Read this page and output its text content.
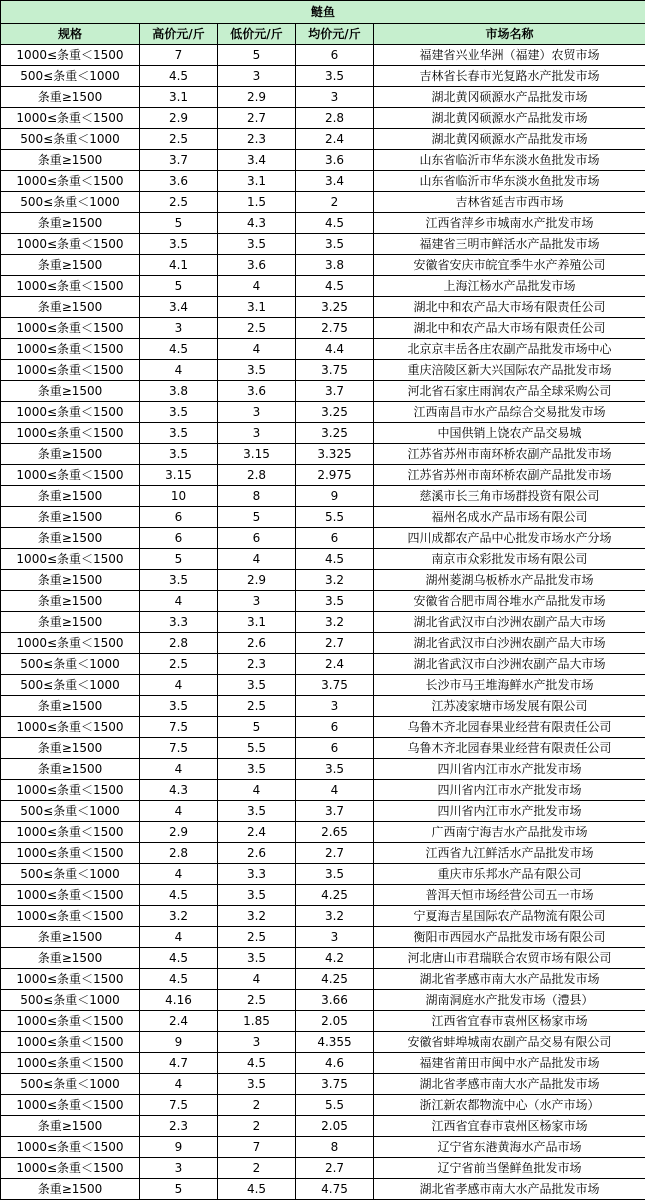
鲢鱼				
规格	高价元/斤	低价元/斤	均价元/斤	市场名称
1000≤条重＜1500	7	5	6	福建省兴业华洲（福建）农贸市场
500≤条重＜1000	4.5	3	3.5	吉林省长春市光复路水产批发市场
条重≥1500	3.1	2.9	3	湖北黄冈硕源水产品批发市场
1000≤条重＜1500	2.9	2.7	2.8	湖北黄冈硕源水产品批发市场
500≤条重＜1000	2.5	2.3	2.4	湖北黄冈硕源水产品批发市场
条重≥1500	3.7	3.4	3.6	山东省临沂市华东淡水鱼批发市场
1000≤条重＜1500	3.6	3.1	3.4	山东省临沂市华东淡水鱼批发市场
500≤条重＜1000	2.5	1.5	2	吉林省延吉市西市场
条重≥1500	5	4.3	4.5	江西省萍乡市城南水产批发市场
1000≤条重＜1500	3.5	3.5	3.5	福建省三明市鲜活水产品批发市场
条重≥1500	4.1	3.6	3.8	安徽省安庆市皖宜季牛水产养殖公司
1000≤条重＜1500	5	4	4.5	上海江杨水产品批发市场
条重≥1500	3.4	3.1	3.25	湖北中和农产品大市场有限责任公司
1000≤条重＜1500	3	2.5	2.75	湖北中和农产品大市场有限责任公司
1000≤条重＜1500	4.5	4	4.4	北京京丰岳各庄农副产品批发市场中心
1000≤条重＜1500	4	3.5	3.75	重庆涪陵区新大兴国际农产品批发市场
条重≥1500	3.8	3.6	3.7	河北省石家庄雨润农产品全球采购公司
1000≤条重＜1500	3.5	3	3.25	江西南昌市水产品综合交易批发市场
1000≤条重＜1500	3.5	3	3.25	中国供销上饶农产品交易城
条重≥1500	3.5	3.15	3.325	江苏省苏州市南环桥农副产品批发市场
1000≤条重＜1500	3.15	2.8	2.975	江苏省苏州市南环桥农副产品批发市场
条重≥1500	10	8	9	慈溪市长三角市场群投资有限公司
条重≥1500	6	5	5.5	福州名成水产品市场有限公司
条重≥1500	6	6	6	四川成都农产品中心批发市场水产分场
1000≤条重＜1500	5	4	4.5	南京市众彩批发市场有限公司
条重≥1500	3.5	2.9	3.2	湖州菱湖乌板桥水产品批发市场
条重≥1500	4	3	3.5	安徽省合肥市周谷堆水产品批发市场
条重≥1500	3.3	3.1	3.2	湖北省武汉市白沙洲农副产品大市场
1000≤条重＜1500	2.8	2.6	2.7	湖北省武汉市白沙洲农副产品大市场
500≤条重＜1000	2.5	2.3	2.4	湖北省武汉市白沙洲农副产品大市场
500≤条重＜1000	4	3.5	3.75	长沙市马王堆海鲜水产批发市场
条重≥1500	3.5	2.5	3	江苏凌家塘市场发展有限公司
1000≤条重＜1500	7.5	5	6	乌鲁木齐北园春果业经营有限责任公司
条重≥1500	7.5	5.5	6	乌鲁木齐北园春果业经营有限责任公司
条重≥1500	4	3.5	3.5	四川省内江市水产批发市场
1000≤条重＜1500	4.3	4	4	四川省内江市水产批发市场
500≤条重＜1000	4	3.5	3.7	四川省内江市水产批发市场
1000≤条重＜1500	2.9	2.4	2.65	广西南宁海吉水产品批发市场
1000≤条重＜1500	2.8	2.6	2.7	江西省九江鲜活水产品批发市场
500≤条重＜1000	4	3.3	3.5	重庆市乐邦水产品有限公司
1000≤条重＜1500	4.5	3.5	4.25	普洱天恒市场经营公司五一市场
1000≤条重＜1500	3.2	3.2	3.2	宁夏海吉星国际农产品物流有限公司
条重≥1500	4	2.5	3	衡阳市西园水产品批发市场有限公司
条重≥1500	4.5	3.5	4.2	河北唐山市君瑞联合农贸市场有限公司
1000≤条重＜1500	4.5	4	4.25	湖北省孝感市南大水产品批发市场
500≤条重＜1000	4.16	2.5	3.66	湖南洞庭水产批发市场（澧县）
1000≤条重＜1500	2.4	1.85	2.05	江西省宜春市袁州区杨家市场
1000≤条重＜1500	9	3	4.355	安徽省蚌埠城南农副产品交易有限公司
1000≤条重＜1500	4.7	4.5	4.6	福建省莆田市闽中水产品批发市场
500≤条重＜1000	4	3.5	3.75	湖北省孝感市南大水产品批发市场
1000≤条重＜1500	7.5	2	5.5	浙江新农都物流中心（水产市场）
条重≥1500	2.3	2	2.05	江西省宜春市袁州区杨家市场
1000≤条重＜1500	9	7	8	辽宁省东港黄海水产品市场
1000≤条重＜1500	3	2	2.7	辽宁省前当堡鲜鱼批发市场
条重≥1500	5	4.5	4.75	湖北省孝感市南大水产品批发市场
